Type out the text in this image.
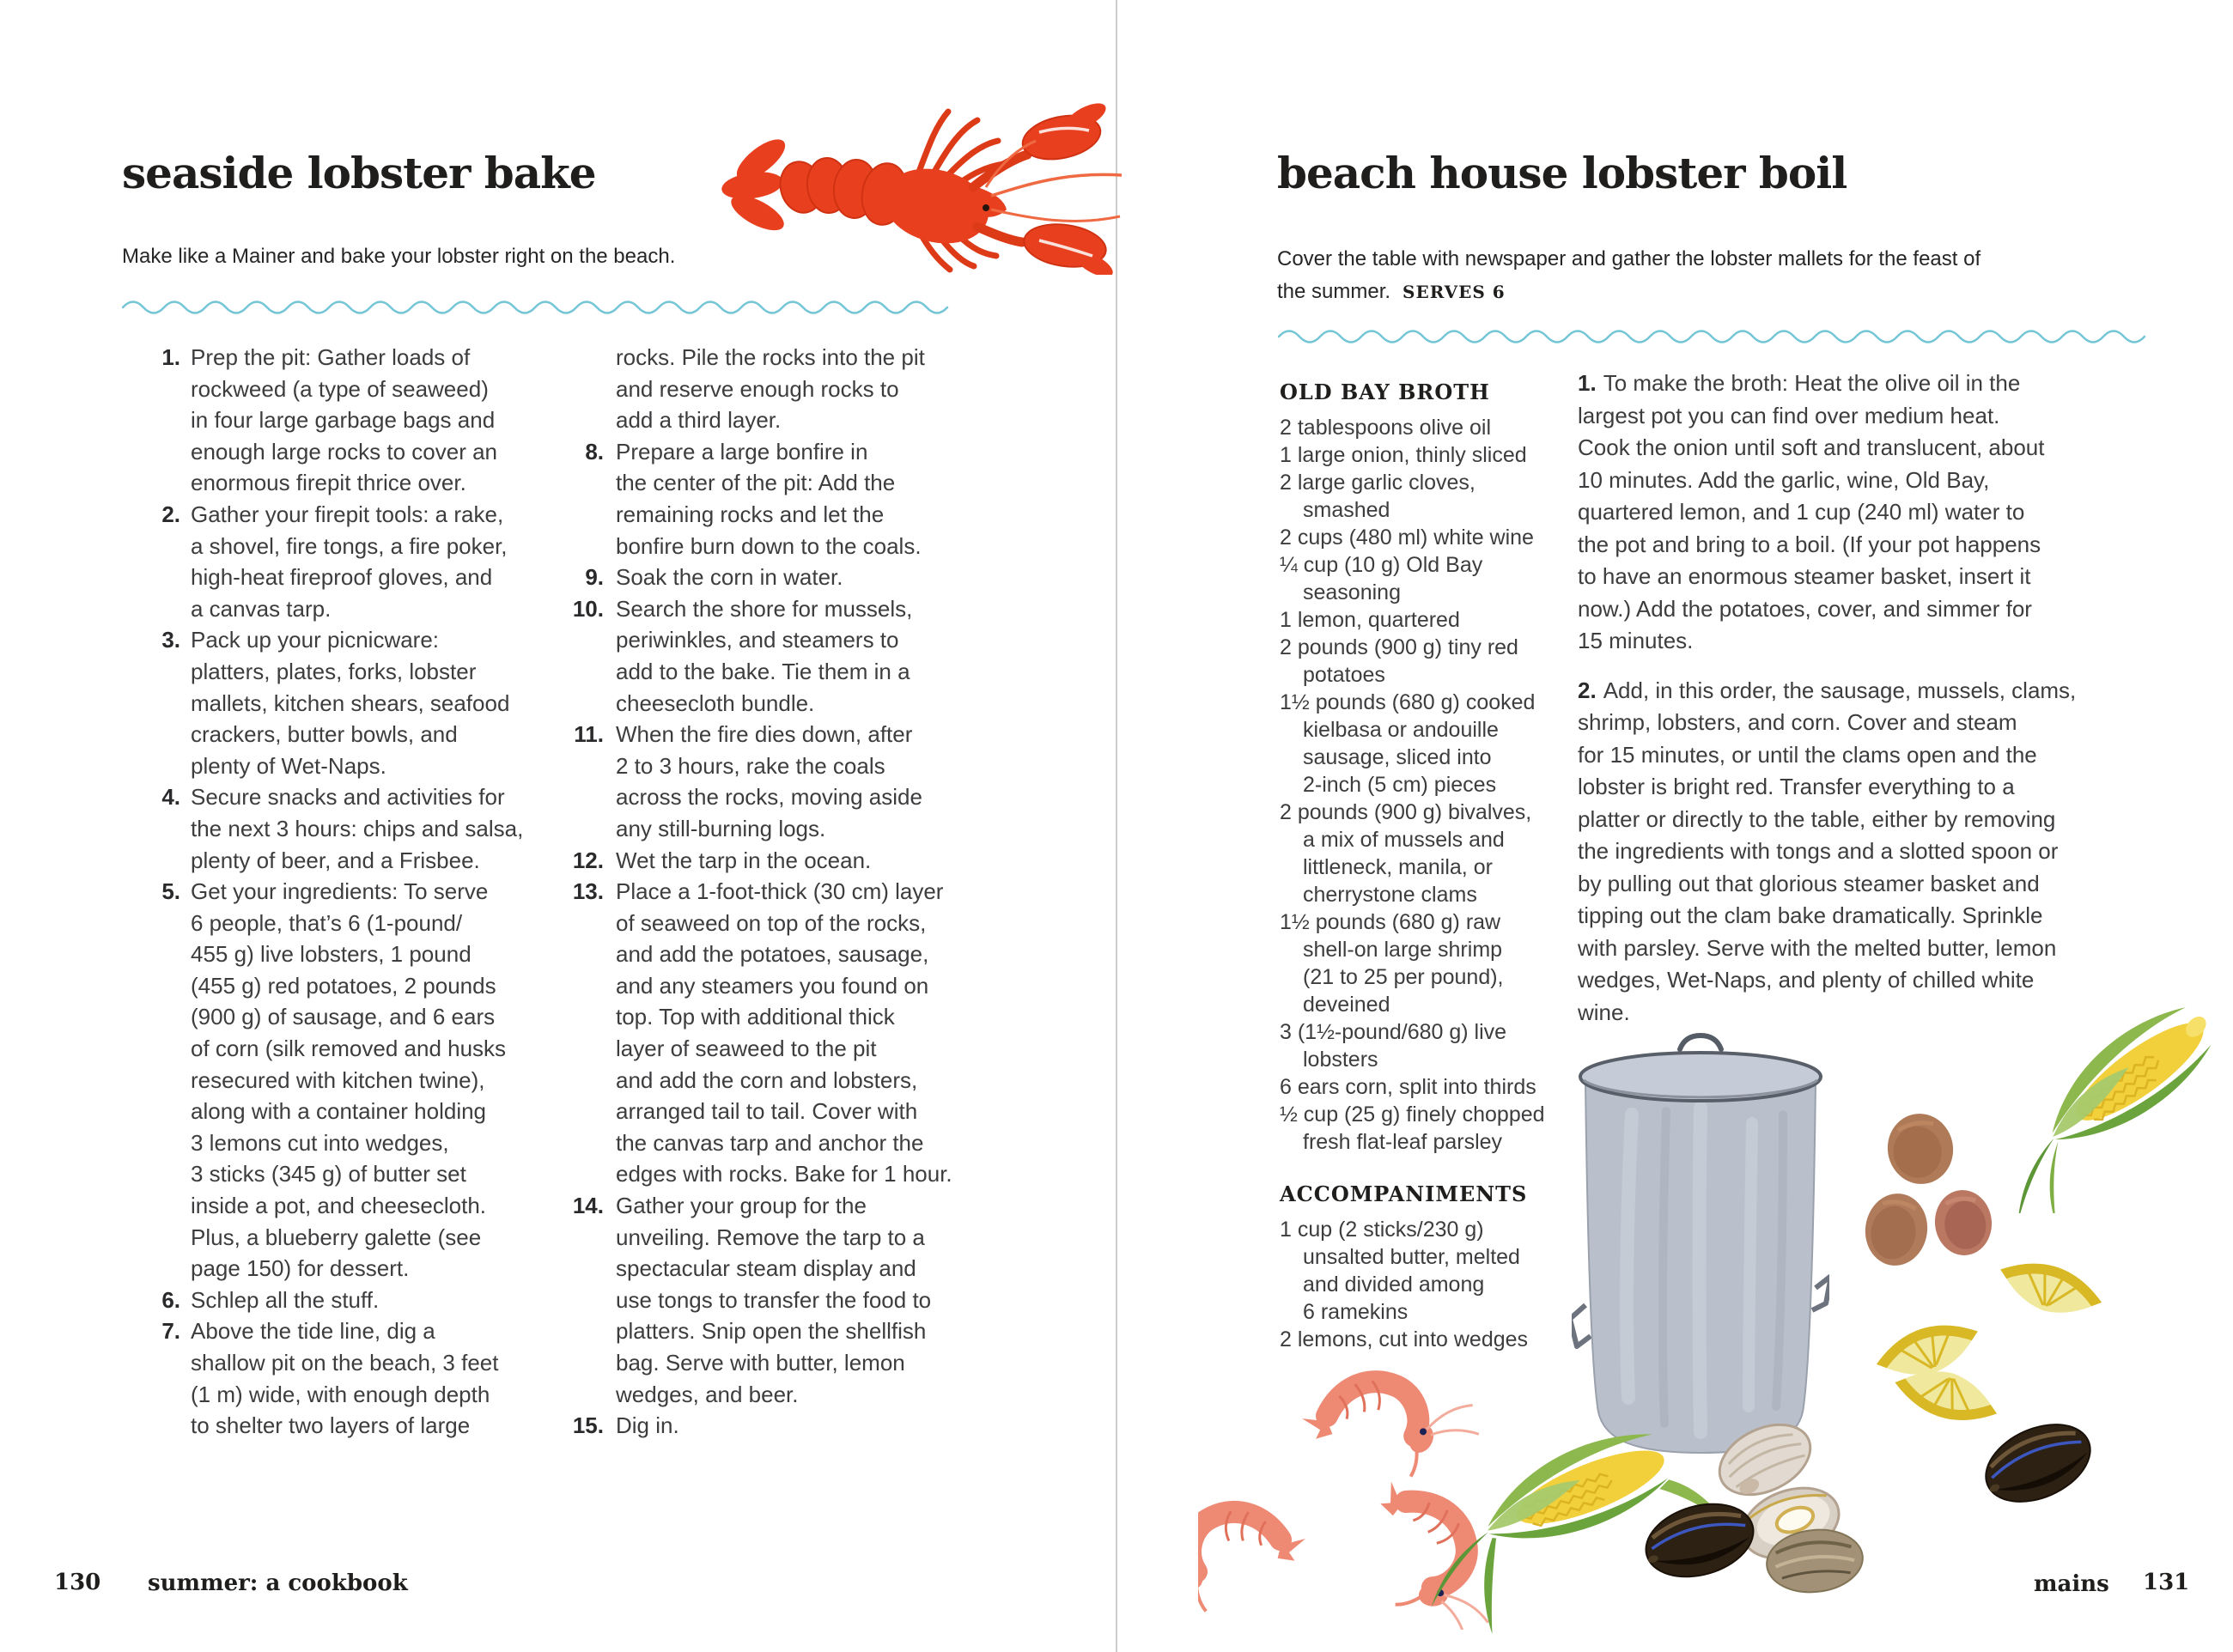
seaside lobster bake
Make like a Mainer and bake your lobster right on the beach.
1. Prep the pit: Gather loads of
rockweed (a type of seaweed)
in four large garbage bags and
enough large rocks to cover an
enormous firepit thrice over.
2. Gather your firepit tools: a rake,
a shovel, fire tongs, a fire poker,
high-heat fireproof gloves, and
a canvas tarp.
3. Pack up your picnicware:
platters, plates, forks, lobster
mallets, kitchen shears, seafood
crackers, butter bowls, and
plenty of Wet-Naps.
4. Secure snacks and activities for
the next 3 hours: chips and salsa,
plenty of beer, and a Frisbee.
5. Get your ingredients: To serve
6 people, that’s 6 (1-pound/
455 g) live lobsters, 1 pound
(455 g) red potatoes, 2 pounds
(900 g) of sausage, and 6 ears
of corn (silk removed and husks
resecured with kitchen twine),
along with a container holding
3 lemons cut into wedges,
3 sticks (345 g) of butter set
inside a pot, and cheesecloth.
Plus, a blueberry galette (see
page 150) for dessert.
6. Schlep all the stuff.
7. Above the tide line, dig a
shallow pit on the beach, 3 feet
(1 m) wide, with enough depth
to shelter two layers of large
rocks. Pile the rocks into the pit
and reserve enough rocks to
add a third layer.
8. Prepare a large bonfire in
the center of the pit: Add the
remaining rocks and let the
bonfire burn down to the coals.
9. Soak the corn in water.
10. Search the shore for mussels,
periwinkles, and steamers to
add to the bake. Tie them in a
cheesecloth bundle.
11. When the fire dies down, after
2 to 3 hours, rake the coals
across the rocks, moving aside
any still-burning logs.
12. Wet the tarp in the ocean.
13. Place a 1-foot-thick (30 cm) layer
of seaweed on top of the rocks,
and add the potatoes, sausage,
and any steamers you found on
top. Top with additional thick
layer of seaweed to the pit
and add the corn and lobsters,
arranged tail to tail. Cover with
the canvas tarp and anchor the
edges with rocks. Bake for 1 hour.
14. Gather your group for the
unveiling. Remove the tarp to a
spectacular steam display and
use tongs to transfer the food to
platters. Snip open the shellfish
bag. Serve with butter, lemon
wedges, and beer.
15. Dig in.
130 summer: a cookbook
beach house lobster boil
Cover the table with newspaper and gather the lobster mallets for the feast of
the summer. SERVES 6
OLD BAY BROTH
2 tablespoons olive oil
1 large onion, thinly sliced
2 large garlic cloves,
smashed
2 cups (480 ml) white wine
¼ cup (10 g) Old Bay
seasoning
1 lemon, quartered
2 pounds (900 g) tiny red
potatoes
1½ pounds (680 g) cooked
kielbasa or andouille
sausage, sliced into
2-inch (5 cm) pieces
2 pounds (900 g) bivalves,
a mix of mussels and
littleneck, manila, or
cherrystone clams
1½ pounds (680 g) raw
shell-on large shrimp
(21 to 25 per pound),
deveined
3 (1½-pound/680 g) live
lobsters
6 ears corn, split into thirds
½ cup (25 g) finely chopped
fresh flat-leaf parsley
ACCOMPANIMENTS
1 cup (2 sticks/230 g)
unsalted butter, melted
and divided among
6 ramekins
2 lemons, cut into wedges
1. To make the broth: Heat the olive oil in the
largest pot you can find over medium heat.
Cook the onion until soft and translucent, about
10 minutes. Add the garlic, wine, Old Bay,
quartered lemon, and 1 cup (240 ml) water to
the pot and bring to a boil. (If your pot happens
to have an enormous steamer basket, insert it
now.) Add the potatoes, cover, and simmer for
15 minutes.
2. Add, in this order, the sausage, mussels, clams,
shrimp, lobsters, and corn. Cover and steam
for 15 minutes, or until the clams open and the
lobster is bright red. Transfer everything to a
platter or directly to the table, either by removing
the ingredients with tongs and a slotted spoon or
by pulling out that glorious steamer basket and
tipping out the clam bake dramatically. Sprinkle
with parsley. Serve with the melted butter, lemon
wedges, Wet-Naps, and plenty of chilled white
wine.
mains 131
